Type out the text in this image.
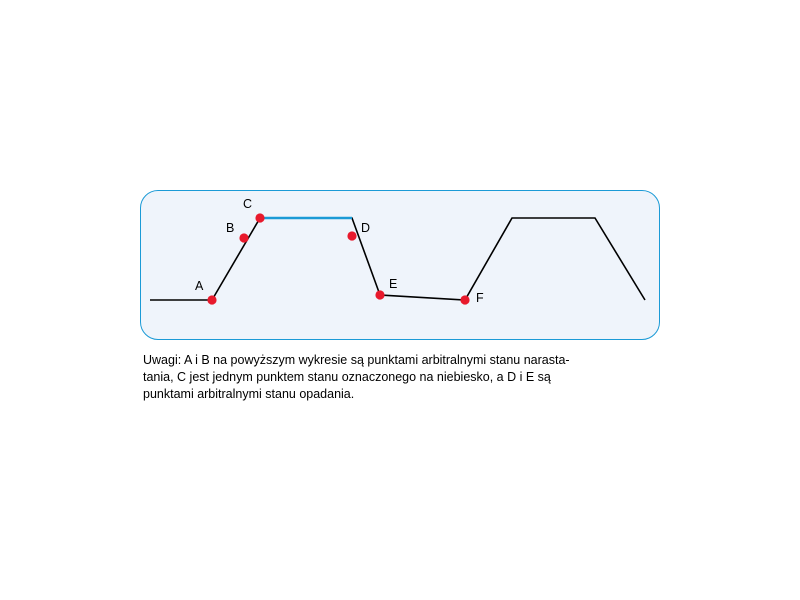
A
B
C
D
E
F
Uwagi: A i B na powyższym wykresie są punktami arbitralnymi stanu narasta-
tania, C jest jednym punktem stanu oznaczonego na niebiesko, a D i E są
punktami arbitralnymi stanu opadania.
